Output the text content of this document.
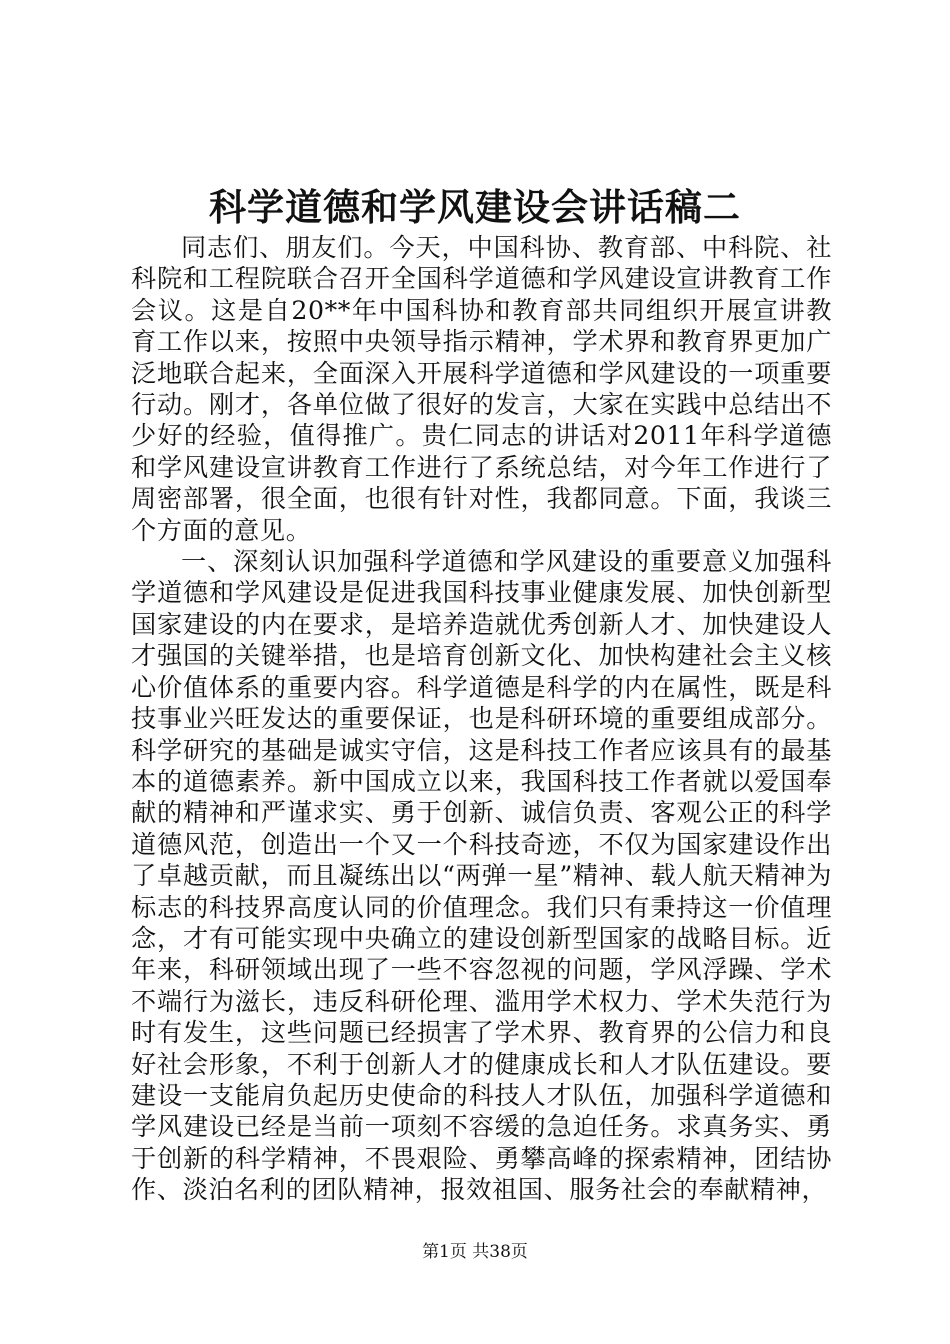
科学道德和学风建设会讲话稿二

同志们、朋友们。今天，中国科协、教育部、中科院、社科院和工程院联合召开全国科学道德和学风建设宣讲教育工作会议。这是自20**年中国科协和教育部共同组织开展宣讲教育工作以来，按照中央领导指示精神，学术界和教育界更加广泛地联合起来，全面深入开展科学道德和学风建设的一项重要行动。刚才，各单位做了很好的发言，大家在实践中总结出不少好的经验，值得推广。贵仁同志的讲话对2011年科学道德和学风建设宣讲教育工作进行了系统总结，对今年工作进行了周密部署，很全面，也很有针对性，我都同意。下面，我谈三个方面的意见。

一、深刻认识加强科学道德和学风建设的重要意义加强科学道德和学风建设是促进我国科技事业健康发展、加快创新型国家建设的内在要求，是培养造就优秀创新人才、加快建设人才强国的关键举措，也是培育创新文化、加快构建社会主义核心价值体系的重要内容。科学道德是科学的内在属性，既是科技事业兴旺发达的重要保证，也是科研环境的重要组成部分。科学研究的基础是诚实守信，这是科技工作者应该具有的最基本的道德素养。新中国成立以来，我国科技工作者就以爱国奉献的精神和严谨求实、勇于创新、诚信负责、客观公正的科学道德风范，创造出一个又一个科技奇迹，不仅为国家建设作出了卓越贡献，而且凝练出以“两弹一星”精神、载人航天精神为标志的科技界高度认同的价值理念。我们只有秉持这一价值理念，才有可能实现中央确立的建设创新型国家的战略目标。近年来，科研领域出现了一些不容忽视的问题，学风浮躁、学术不端行为滋长，违反科研伦理、滥用学术权力、学术失范行为时有发生，这些问题已经损害了学术界、教育界的公信力和良好社会形象，不利于创新人才的健康成长和人才队伍建设。要建设一支能肩负起历史使命的科技人才队伍，加强科学道德和学风建设已经是当前一项刻不容缓的急迫任务。求真务实、勇于创新的科学精神，不畏艰险、勇攀高峰的探索精神，团结协作、淡泊名利的团队精神，报效祖国、服务社会的奉献精神，

第1页 共38页
